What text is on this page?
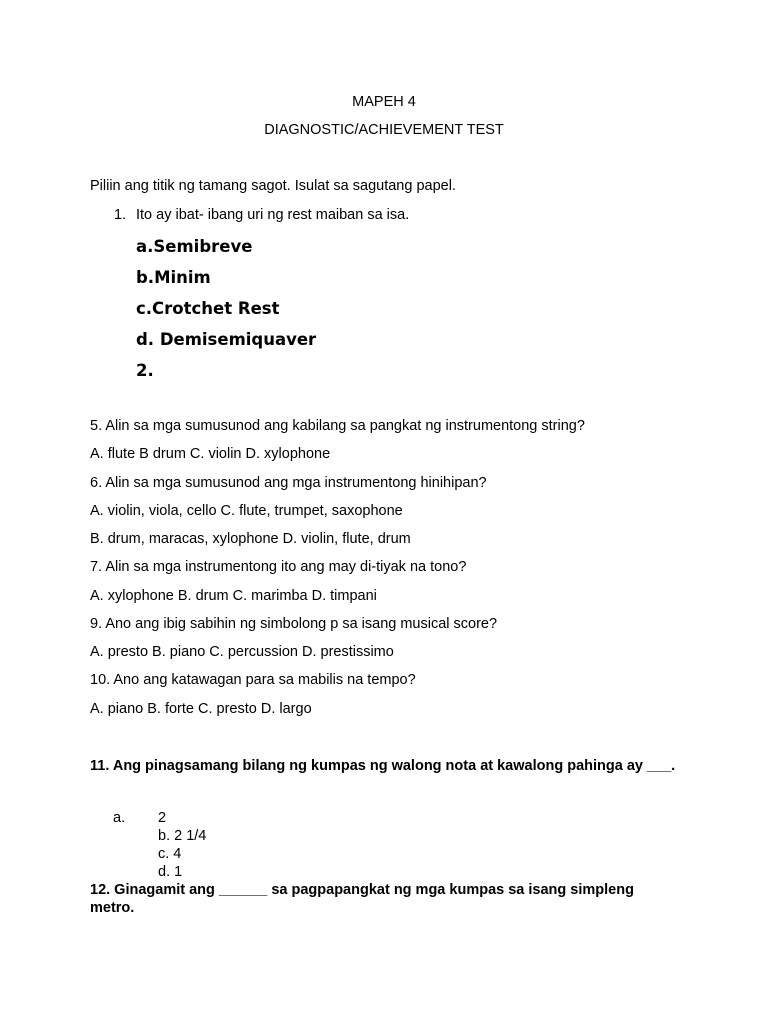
MAPEH 4
DIAGNOSTIC/ACHIEVEMENT TEST
Piliin ang titik ng tamang sagot. Isulat sa sagutang papel.
1. Ito ay ibat- ibang uri ng rest maiban sa isa.
a.Semibreve
b.Minim
c.Crotchet Rest
d. Demisemiquaver
2.
5. Alin sa mga sumusunod ang kabilang sa pangkat ng instrumentong string?
A. flute B drum C. violin D. xylophone
6. Alin sa mga sumusunod ang mga instrumentong hinihipan?
A. violin, viola, cello C. flute, trumpet, saxophone
B. drum, maracas, xylophone D. violin, flute, drum
7. Alin sa mga instrumentong ito ang may di-tiyak na tono?
A. xylophone B. drum C. marimba D. timpani
9. Ano ang ibig sabihin ng simbolong p sa isang musical score?
A. presto B. piano C. percussion D. prestissimo
10. Ano ang katawagan para sa mabilis na tempo?
A. piano B. forte C. presto D. largo
11. Ang pinagsamang bilang ng kumpas ng walong nota at kawalong pahinga ay ___.
a. 2
b. 2 1/4
c. 4
d. 1
12. Ginagamit ang ______ sa pagpapangkat ng mga kumpas sa isang simpleng metro.
